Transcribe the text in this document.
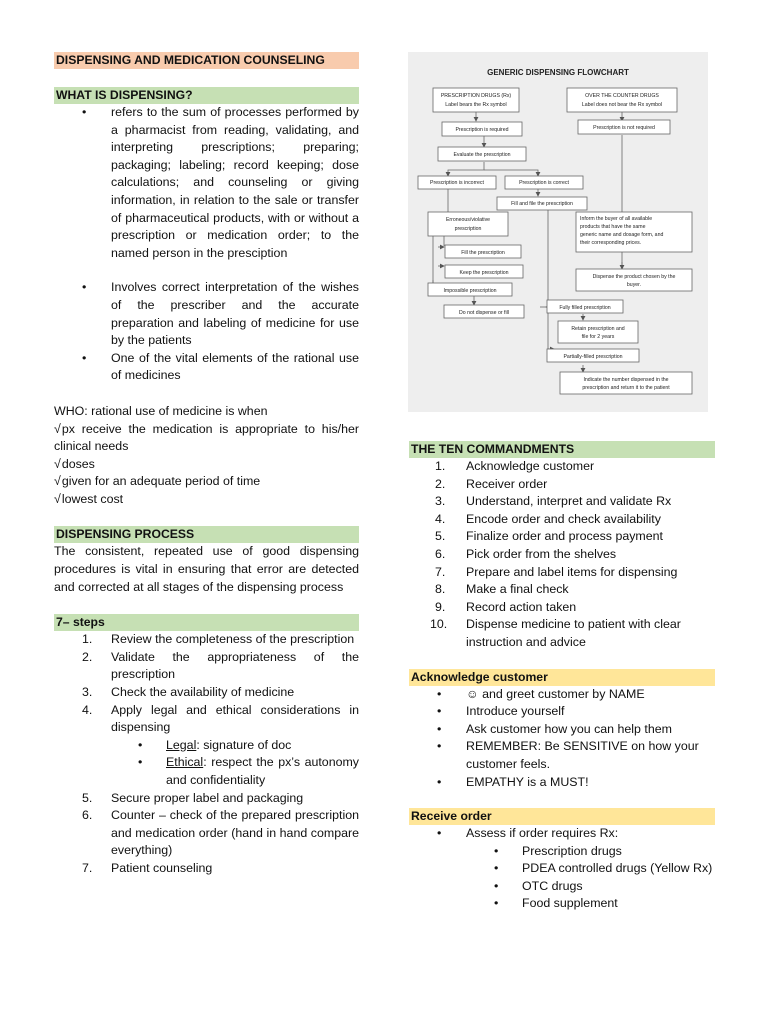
DISPENSING AND MEDICATION COUNSELING
WHAT IS DISPENSING?
• refers to the sum of processes performed by a pharmacist from reading, validating, and interpreting prescriptions; preparing; packaging; labeling; record keeping; dose calculations; and counseling or giving information, in relation to the sale or transfer of pharmaceutical products, with or without a prescription or medication order; to the named person in the presciption
• Involves correct interpretation of the wishes of the prescriber and the accurate preparation and labeling of medicine for use by the patients
• One of the vital elements of the rational use of medicines
WHO: rational use of medicine is when
√ px receive the medication is appropriate to his/her clinical needs
√ doses
√ given for an adequate period of time
√ lowest cost
DISPENSING PROCESS
The consistent, repeated use of good dispensing procedures is vital in ensuring that error are detected and corrected at all stages of the dispensing process
7– steps
1.	Review the completeness of the prescription
2.	Validate the appropriateness of the prescription
3.	Check the availability of medicine
4.	Apply legal and ethical considerations in dispensing
• Legal: signature of doc
• Ethical: respect the px’s autonomy and confidentiality
5.	Secure proper label and packaging
6.	Counter – check of the prepared prescription and medication order (hand in hand compare everything)
7.	Patient counseling
GENERIC DISPENSING FLOWCHART
PRESCRIPTION DRUGS (Rx)
Label bears the Rx symbol
OVER THE COUNTER DRUGS
Label does not bear the Rx symbol
Prescription is required	Prescription is not required
Evaluate the prescription
Prescription is incorrect	Prescription is correct
Fill and file the prescription
Erroneous/violative
prescription
Fill the prescription
Keep the prescription
Impossible prescription
Do not dispense or fill
Inform the buyer of all available
products that have the same
generic name and dosage form, and
their corresponding prices.
Dispense the product chosen by the
buyer.
Fully filled prescription
Retain prescription and
file for 2 years
Partially-filled prescription
Indicate the number dispensed in the
prescription and return it to the patient
THE TEN COMMANDMENTS
1.	Acknowledge customer
2.	Receiver order
3.	Understand, interpret and validate Rx
4.	Encode order and check availability
5.	Finalize order and process payment
6.	Pick order from the shelves
7.	Prepare and label items for dispensing
8.	Make a final check
9.	Record action taken
10.	Dispense medicine to patient with clear instruction and advice
Acknowledge customer
• ☺ and greet customer by NAME
• Introduce yourself
• Ask customer how you can help them
• REMEMBER: Be SENSITIVE on how your customer feels.
• EMPATHY is a MUST!
Receive order
• Assess if order requires Rx:
• Prescription drugs
• PDEA controlled drugs (Yellow Rx)
• OTC drugs
• Food supplement
